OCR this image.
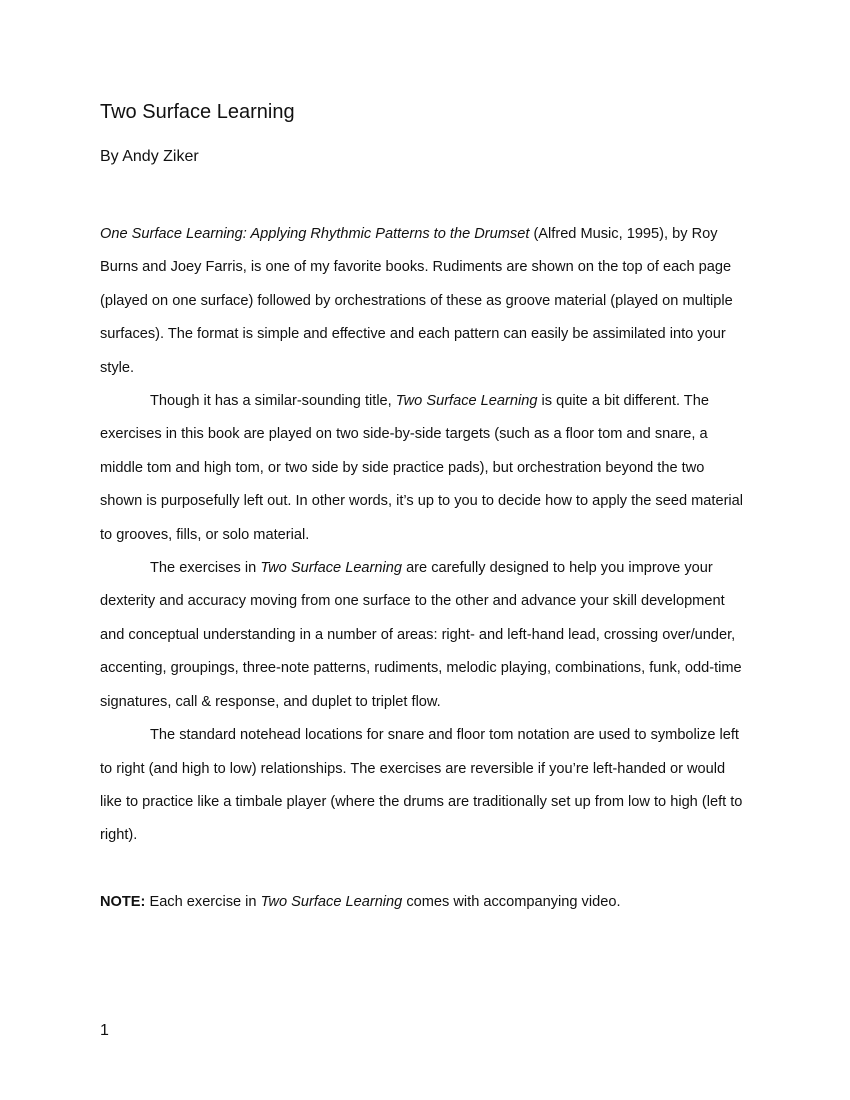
Two Surface Learning
By Andy Ziker

One Surface Learning: Applying Rhythmic Patterns to the Drumset (Alfred Music, 1995), by Roy Burns and Joey Farris, is one of my favorite books. Rudiments are shown on the top of each page (played on one surface) followed by orchestrations of these as groove material (played on multiple surfaces). The format is simple and effective and each pattern can easily be assimilated into your style.

Though it has a similar-sounding title, Two Surface Learning is quite a bit different. The exercises in this book are played on two side-by-side targets (such as a floor tom and snare, a middle tom and high tom, or two side by side practice pads), but orchestration beyond the two shown is purposefully left out. In other words, it’s up to you to decide how to apply the seed material to grooves, fills, or solo material.

The exercises in Two Surface Learning are carefully designed to help you improve your dexterity and accuracy moving from one surface to the other and advance your skill development and conceptual understanding in a number of areas: right- and left-hand lead, crossing over/under, accenting, groupings, three-note patterns, rudiments, melodic playing, combinations, funk, odd-time signatures, call & response, and duplet to triplet flow.

The standard notehead locations for snare and floor tom notation are used to symbolize left to right (and high to low) relationships. The exercises are reversible if you’re left-handed or would like to practice like a timbale player (where the drums are traditionally set up from low to high (left to right).

NOTE: Each exercise in Two Surface Learning comes with accompanying video.

1
